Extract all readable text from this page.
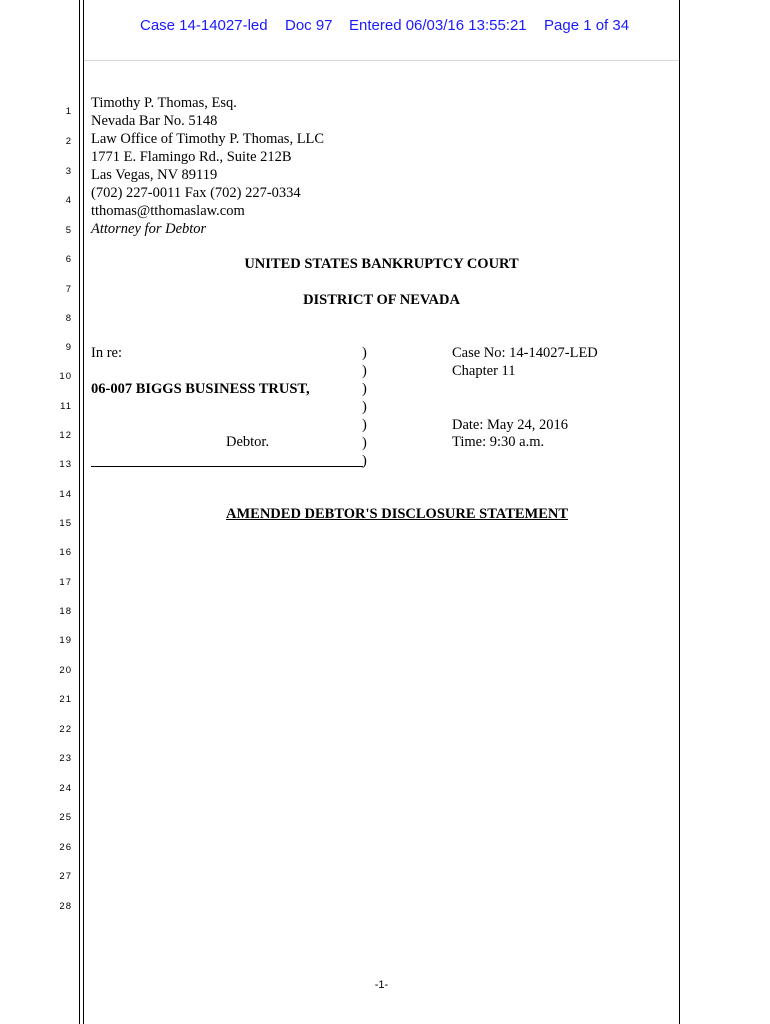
Case 14-14027-led Doc 97 Entered 06/03/16 13:55:21 Page 1 of 34
1
2
3
4
5
6
7
8
9
10
11
12
13
14
15
16
17
18
19
20
21
22
23
24
25
26
27
28
Timothy P. Thomas, Esq.
Nevada Bar No. 5148
Law Office of Timothy P. Thomas, LLC
1771 E. Flamingo Rd., Suite 212B
Las Vegas, NV 89119
(702) 227-0011 Fax (702) 227-0334
tthomas@tthomaslaw.com
Attorney for Debtor
UNITED STATES BANKRUPTCY COURT
DISTRICT OF NEVADA
In re:
06-007 BIGGS BUSINESS TRUST,
Debtor.
)
)
)
)
)
)
)
Case No: 14-14027-LED
Chapter 11
Date: May 24, 2016
Time: 9:30 a.m.
AMENDED DEBTOR'S DISCLOSURE STATEMENT
-1-
